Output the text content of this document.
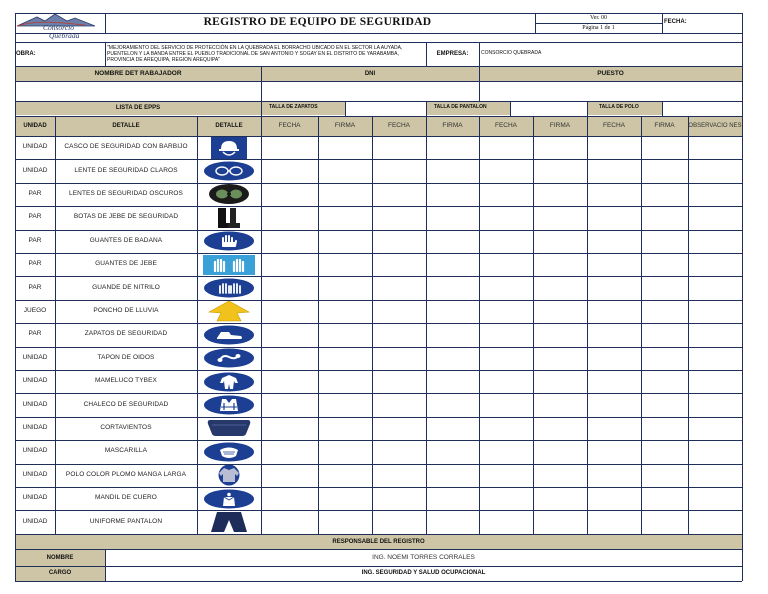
Consorcio
Quebrada
REGISTRO DE EQUIPO DE SEGURIDAD	Ver. 00
Página 1 de 1
FECHA:
OBRA:
"MEJORAMIENTO DEL SERVICIO DE PROTECCIÓN EN LA QUEBRADA EL BORRACHO UBICADO EN EL SECTOR LA AUYADA, PUENTELON Y LA BANDA ENTRE EL PUEBLO TRADICIONAL DE SAN ANTONIO Y SOGAY EN EL DISTRITO DE YARABAMBA, PROVINCIA DE AREQUIPA, REGION AREQUIPA"
EMPRESA:	CONSORCIO QUEBRADA
NOMBRE DET RABAJADOR	DNI	PUESTO
LISTA DE EPPS	TALLA DE ZAPATOS	TALLA DE PANTALON	TALLA DE POLO
UNIDAD	DETALLE	DETALLE	FECHA	FIRMA	FECHA	FIRMA	FECHA	FIRMA	FECHA	FIRMA	OBSERVACIO NES
UNIDAD	CASCO DE SEGURIDAD CON BARBIJO
UNIDAD	LENTE DE SEGURIDAD CLAROS
PAR	LENTES DE SEGURIDAD OSCUROS
PAR	BOTAS DE JEBE DE SEGURIDAD
PAR	GUANTES DE BADANA
PAR	GUANTES DE JEBE
PAR	GUANDE DE NITRILO
JUEGO	PONCHO DE LLUVIA
PAR	ZAPATOS DE SEGURIDAD
UNIDAD	TAPON DE OIDOS
UNIDAD	MAMELUCO TYBEX
UNIDAD	CHALECO DE SEGURIDAD
UNIDAD	CORTAVIENTOS
UNIDAD	MASCARILLA
UNIDAD	POLO COLOR PLOMO MANGA LARGA
UNIDAD	MANDIL DE CUERO
UNIDAD	UNIFORME PANTALON
RESPONSABLE DEL REGISTRO
NOMBRE	ING. NOEMI TORRES CORRALES
CARGO	ING. SEGURIDAD Y SALUD OCUPACIONAL
